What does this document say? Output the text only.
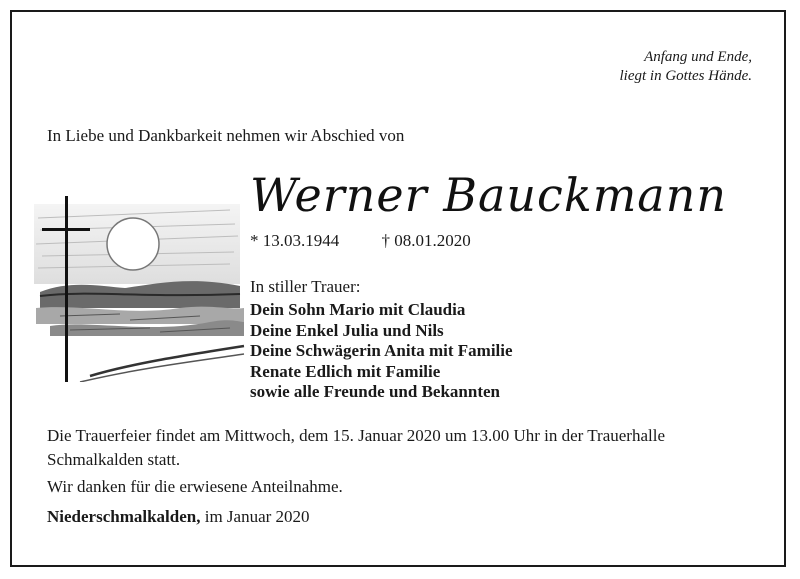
Anfang und Ende,
liegt in Gottes Hände.
In Liebe und Dankbarkeit nehmen wir Abschied von
Werner Bauckmann
* 13.03.1944 † 08.01.2020
In stiller Trauer:
Dein Sohn Mario mit Claudia
Deine Enkel Julia und Nils
Deine Schwägerin Anita mit Familie
Renate Edlich mit Familie
sowie alle Freunde und Bekannten
Die Trauerfeier findet am Mittwoch, dem 15. Januar 2020 um 13.00 Uhr in der Trauerhalle Schmalkalden statt.
Wir danken für die erwiesene Anteilnahme.
Niederschmalkalden, im Januar 2020
